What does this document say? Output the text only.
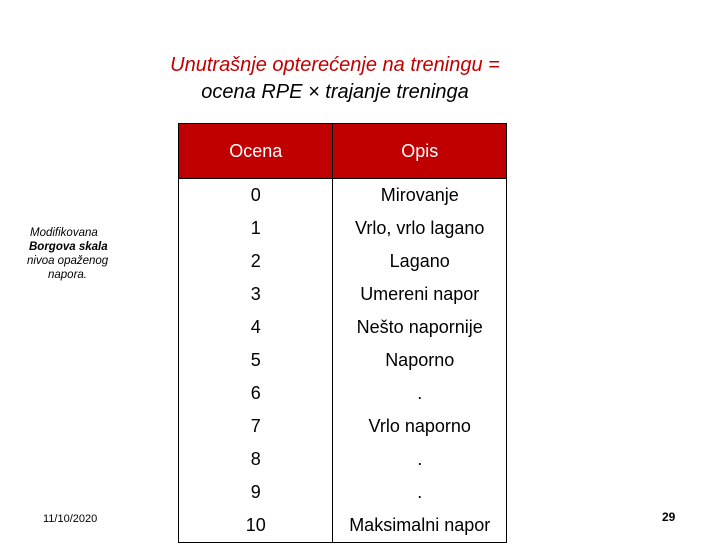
Unutrašnje opterećenje na treningu =
ocena RPE × trajanje treninga
Modifikovana
Borgova skala
nivoa opaženog
napora.
Ocena	Opis
0	Mirovanje
1	Vrlo, vrlo lagano
2	Lagano
3	Umereni napor
4	Nešto napornije
5	Naporno
6	.
7	Vrlo naporno
8	.
9	.
10	Maksimalni napor
11/10/2020	29
